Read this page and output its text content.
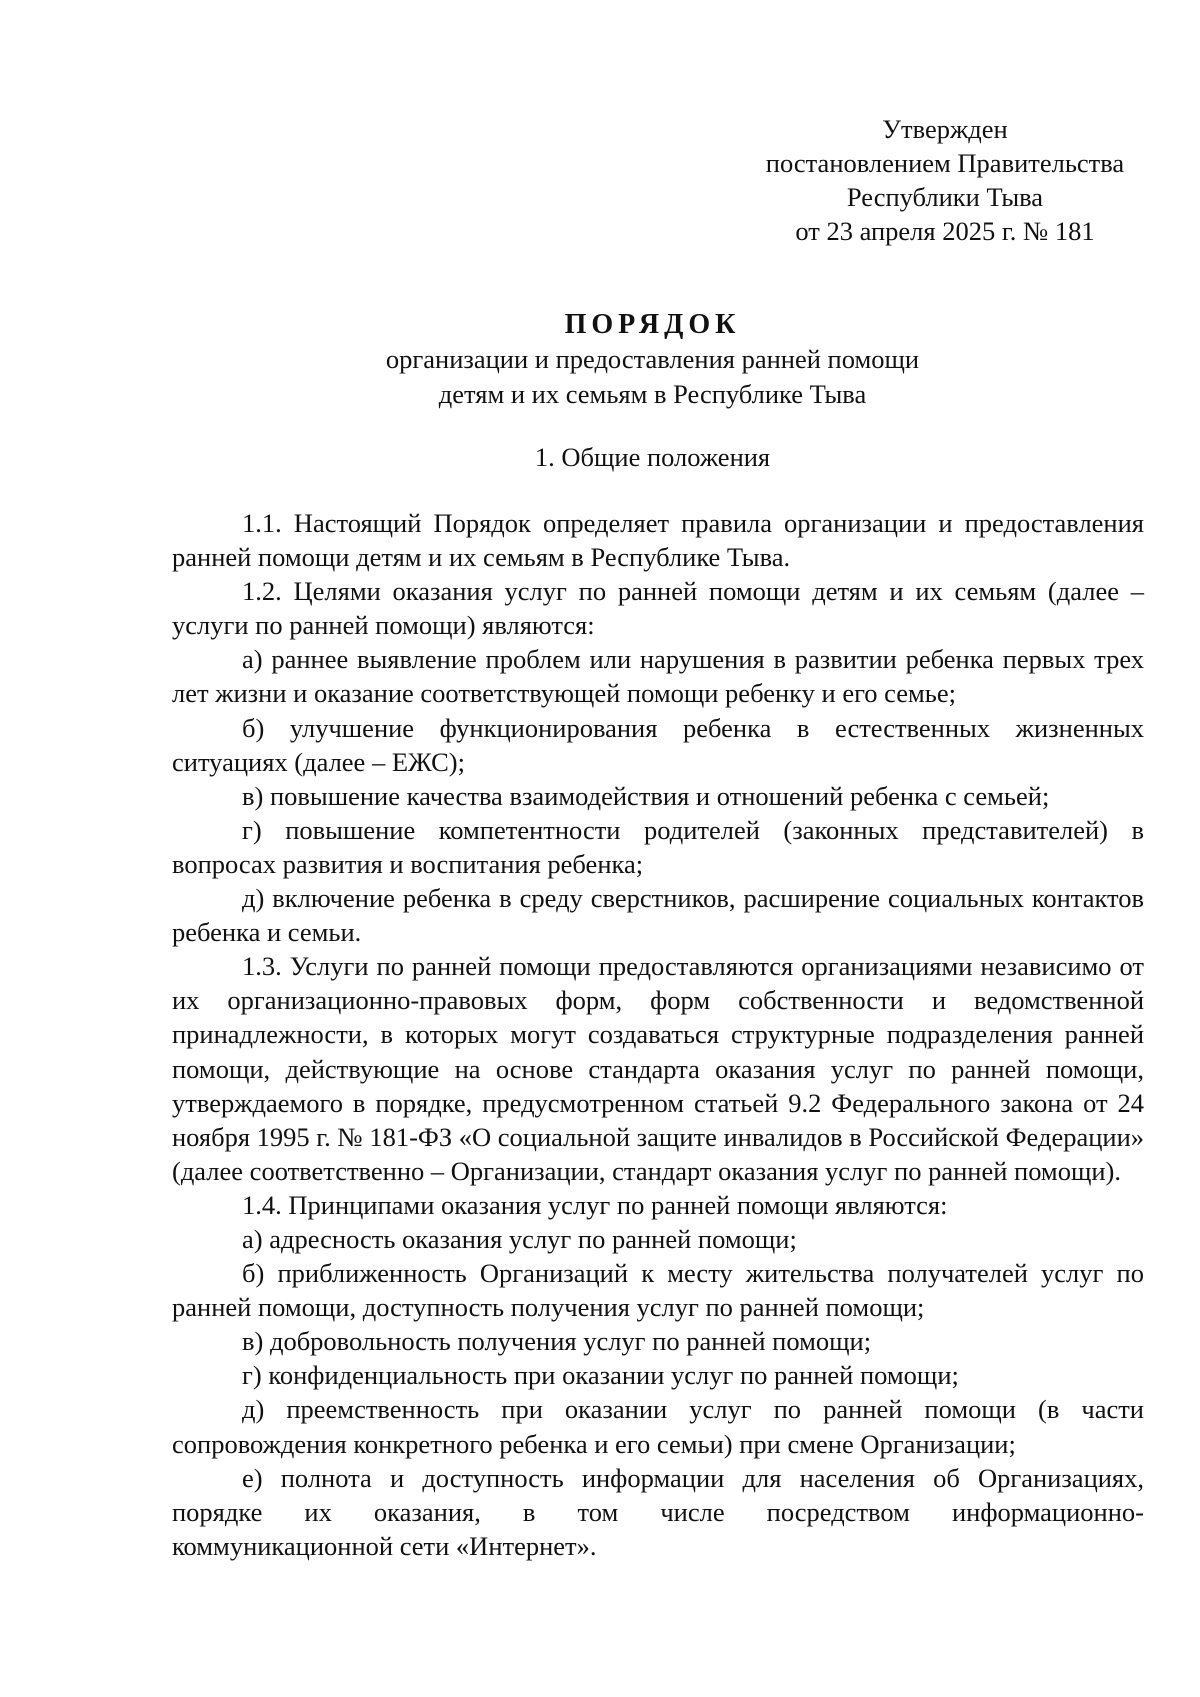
Утвержден
постановлением Правительства
Республики Тыва
от 23 апреля 2025 г. № 181
ПОРЯДОК
организации и предоставления ранней помощи
детям и их семьям в Республике Тыва
1. Общие положения

1.1. Настоящий Порядок определяет правила организации и предоставления ранней помощи детям и их семьям в Республике Тыва.

1.2. Целями оказания услуг по ранней помощи детям и их семьям (далее – услуги по ранней помощи) являются:

а) раннее выявление проблем или нарушения в развитии ребенка первых трех лет жизни и оказание соответствующей помощи ребенку и его семье;

б) улучшение функционирования ребенка в естественных жизненных ситуациях (далее – ЕЖС);

в) повышение качества взаимодействия и отношений ребенка с семьей;

г) повышение компетентности родителей (законных представителей) в вопросах развития и воспитания ребенка;

д) включение ребенка в среду сверстников, расширение социальных контактов ребенка и семьи.

1.3. Услуги по ранней помощи предоставляются организациями независимо от их организационно-правовых форм, форм собственности и ведомственной принадлежности, в которых могут создаваться структурные подразделения ранней помощи, действующие на основе стандарта оказания услуг по ранней помощи, утверждаемого в порядке, предусмотренном статьей 9.2 Федерального закона от 24 ноября 1995 г. № 181-ФЗ «О социальной защите инвалидов в Российской Федерации» (далее соответственно – Организации, стандарт оказания услуг по ранней помощи).

1.4. Принципами оказания услуг по ранней помощи являются:

а) адресность оказания услуг по ранней помощи;

б) приближенность Организаций к месту жительства получателей услуг по ранней помощи, доступность получения услуг по ранней помощи;

в) добровольность получения услуг по ранней помощи;

г) конфиденциальность при оказании услуг по ранней помощи;

д) преемственность при оказании услуг по ранней помощи (в части сопровождения конкретного ребенка и его семьи) при смене Организации;

е) полнота и доступность информации для населения об Организациях, порядке их оказания, в том числе посредством информационно-

коммуникационной сети «Интернет».
